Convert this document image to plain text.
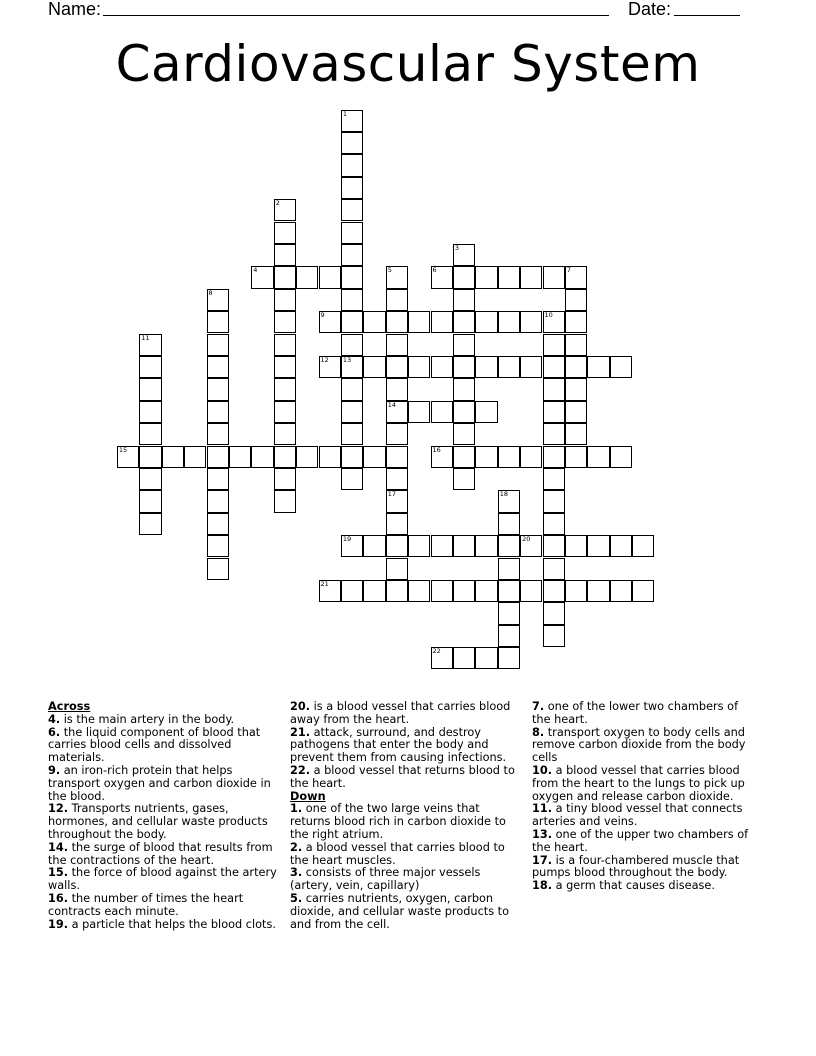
Name:	Date:
Cardiovascular System
4	6
9
12 13
14
15	16
19	20
21
22
1
2
3
5
17
7
8
10
11
18
Across
4. is the main artery in the body.
6. the liquid component of blood that carries blood cells and dissolved materials.
9. an iron-rich protein that helps transport oxygen and carbon dioxide in the blood.
12. Transports nutrients, gases, hormones, and cellular waste products throughout the body.
14. the surge of blood that results from the contractions of the heart.
15. the force of blood against the artery walls.
16. the number of times the heart contracts each minute.
19. a particle that helps the blood clots.
20. is a blood vessel that carries blood away from the heart.
21. attack, surround, and destroy pathogens that enter the body and prevent them from causing infections.
22. a blood vessel that returns blood to the heart.
Down
1. one of the two large veins that returns blood rich in carbon dioxide to the right atrium.
2. a blood vessel that carries blood to the heart muscles.
3. consists of three major vessels (artery, vein, capillary)
5. carries nutrients, oxygen, carbon dioxide, and cellular waste products to and from the cell.
7. one of the lower two chambers of the heart.
8. transport oxygen to body cells and remove carbon dioxide from the body cells
10. a blood vessel that carries blood from the heart to the lungs to pick up oxygen and release carbon dioxide.
11. a tiny blood vessel that connects arteries and veins.
13. one of the upper two chambers of the heart.
17. is a four-chambered muscle that pumps blood throughout the body.
18. a germ that causes disease.
